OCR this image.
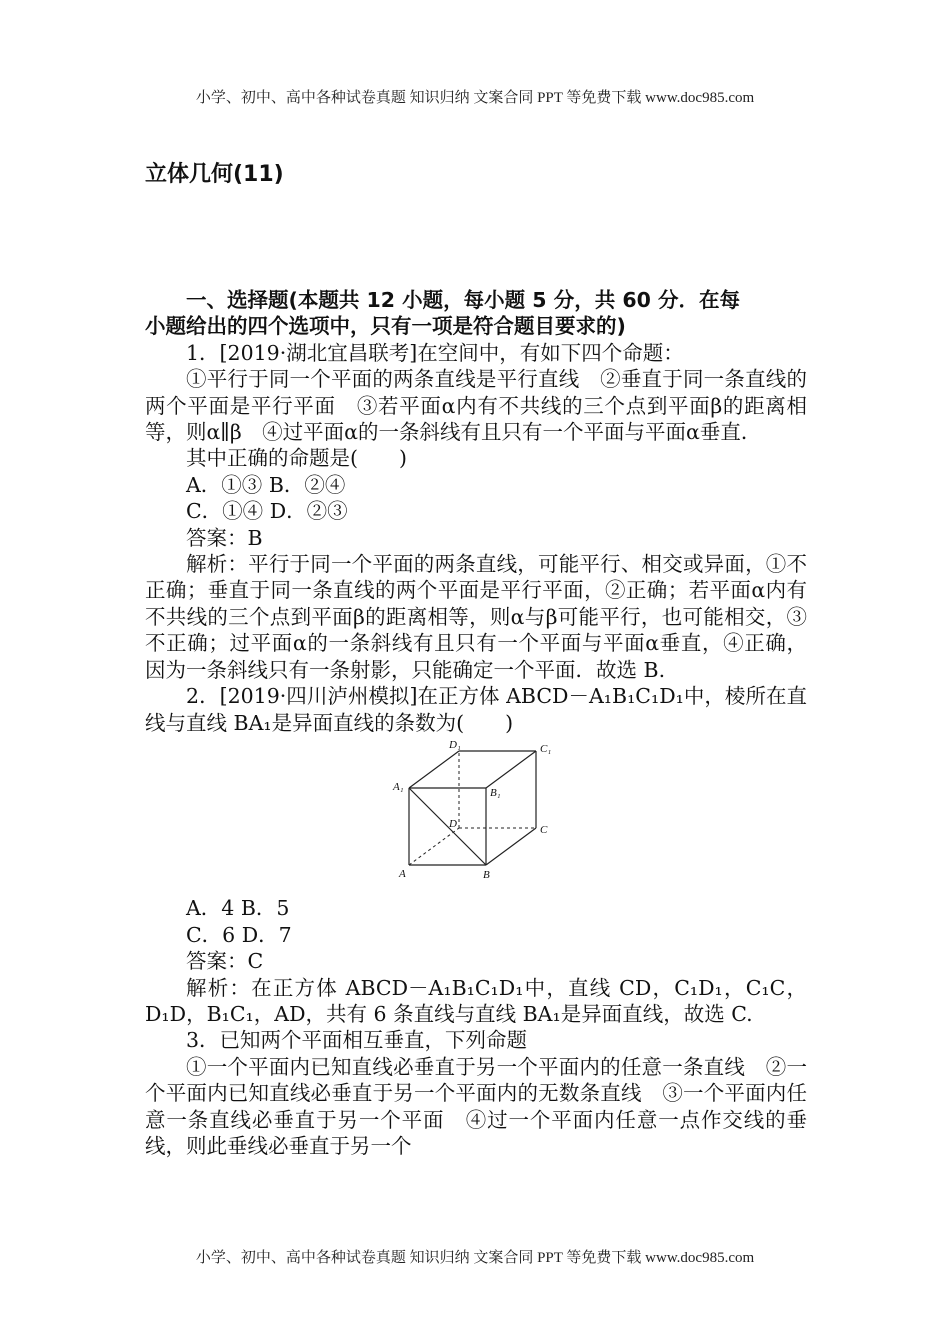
小学、初中、高中各种试卷真题 知识归纳 文案合同 PPT 等免费下载 www.doc985.com
立体几何(11)

一、选择题(本题共 12 小题，每小题 5 分，共 60 分．在每

小题给出的四个选项中，只有一项是符合题目要求的)

1．[2019·湖北宜昌联考]在空间中，有如下四个命题：

①平行于同一个平面的两条直线是平行直线　②垂直于同一条直线的两个平面是平行平面　③若平面α内有不共线的三个点到平面β的距离相等，则α∥β　④过平面α的一条斜线有且只有一个平面与平面α垂直．

其中正确的命题是(　　)

A．①③ B．②④

C．①④ D．②③

答案：B

解析：平行于同一个平面的两条直线，可能平行、相交或异面，①不正确；垂直于同一条直线的两个平面是平行平面，②正确；若平面α内有不共线的三个点到平面β的距离相等，则α与β可能平行，也可能相交，③不正确；过平面α的一条斜线有且只有一个平面与平面α垂直，④正确，因为一条斜线只有一条射影，只能确定一个平面．故选 B.

2．[2019·四川泸州模拟]在正方体 ABCD－A₁B₁C₁D₁中，棱所在直线与直线 BA₁是异面直线的条数为(　　)

D₁	C₁
A₁	B₁
D	C
A	B

A．4 B．5

C．6 D．7

答案：C

解析：在正方体 ABCD－A₁B₁C₁D₁中，直线 CD，C₁D₁，C₁C，D₁D，B₁C₁，AD，共有 6 条直线与直线 BA₁是异面直线，故选 C.

3．已知两个平面相互垂直，下列命题

①一个平面内已知直线必垂直于另一个平面内的任意一条直线　②一个平面内已知直线必垂直于另一个平面内的无数条直线　③一个平面内任意一条直线必垂直于另一个平面　④过一个平面内任意一点作交线的垂线，则此垂线必垂直于另一个

小学、初中、高中各种试卷真题 知识归纳 文案合同 PPT 等免费下载 www.doc985.com
